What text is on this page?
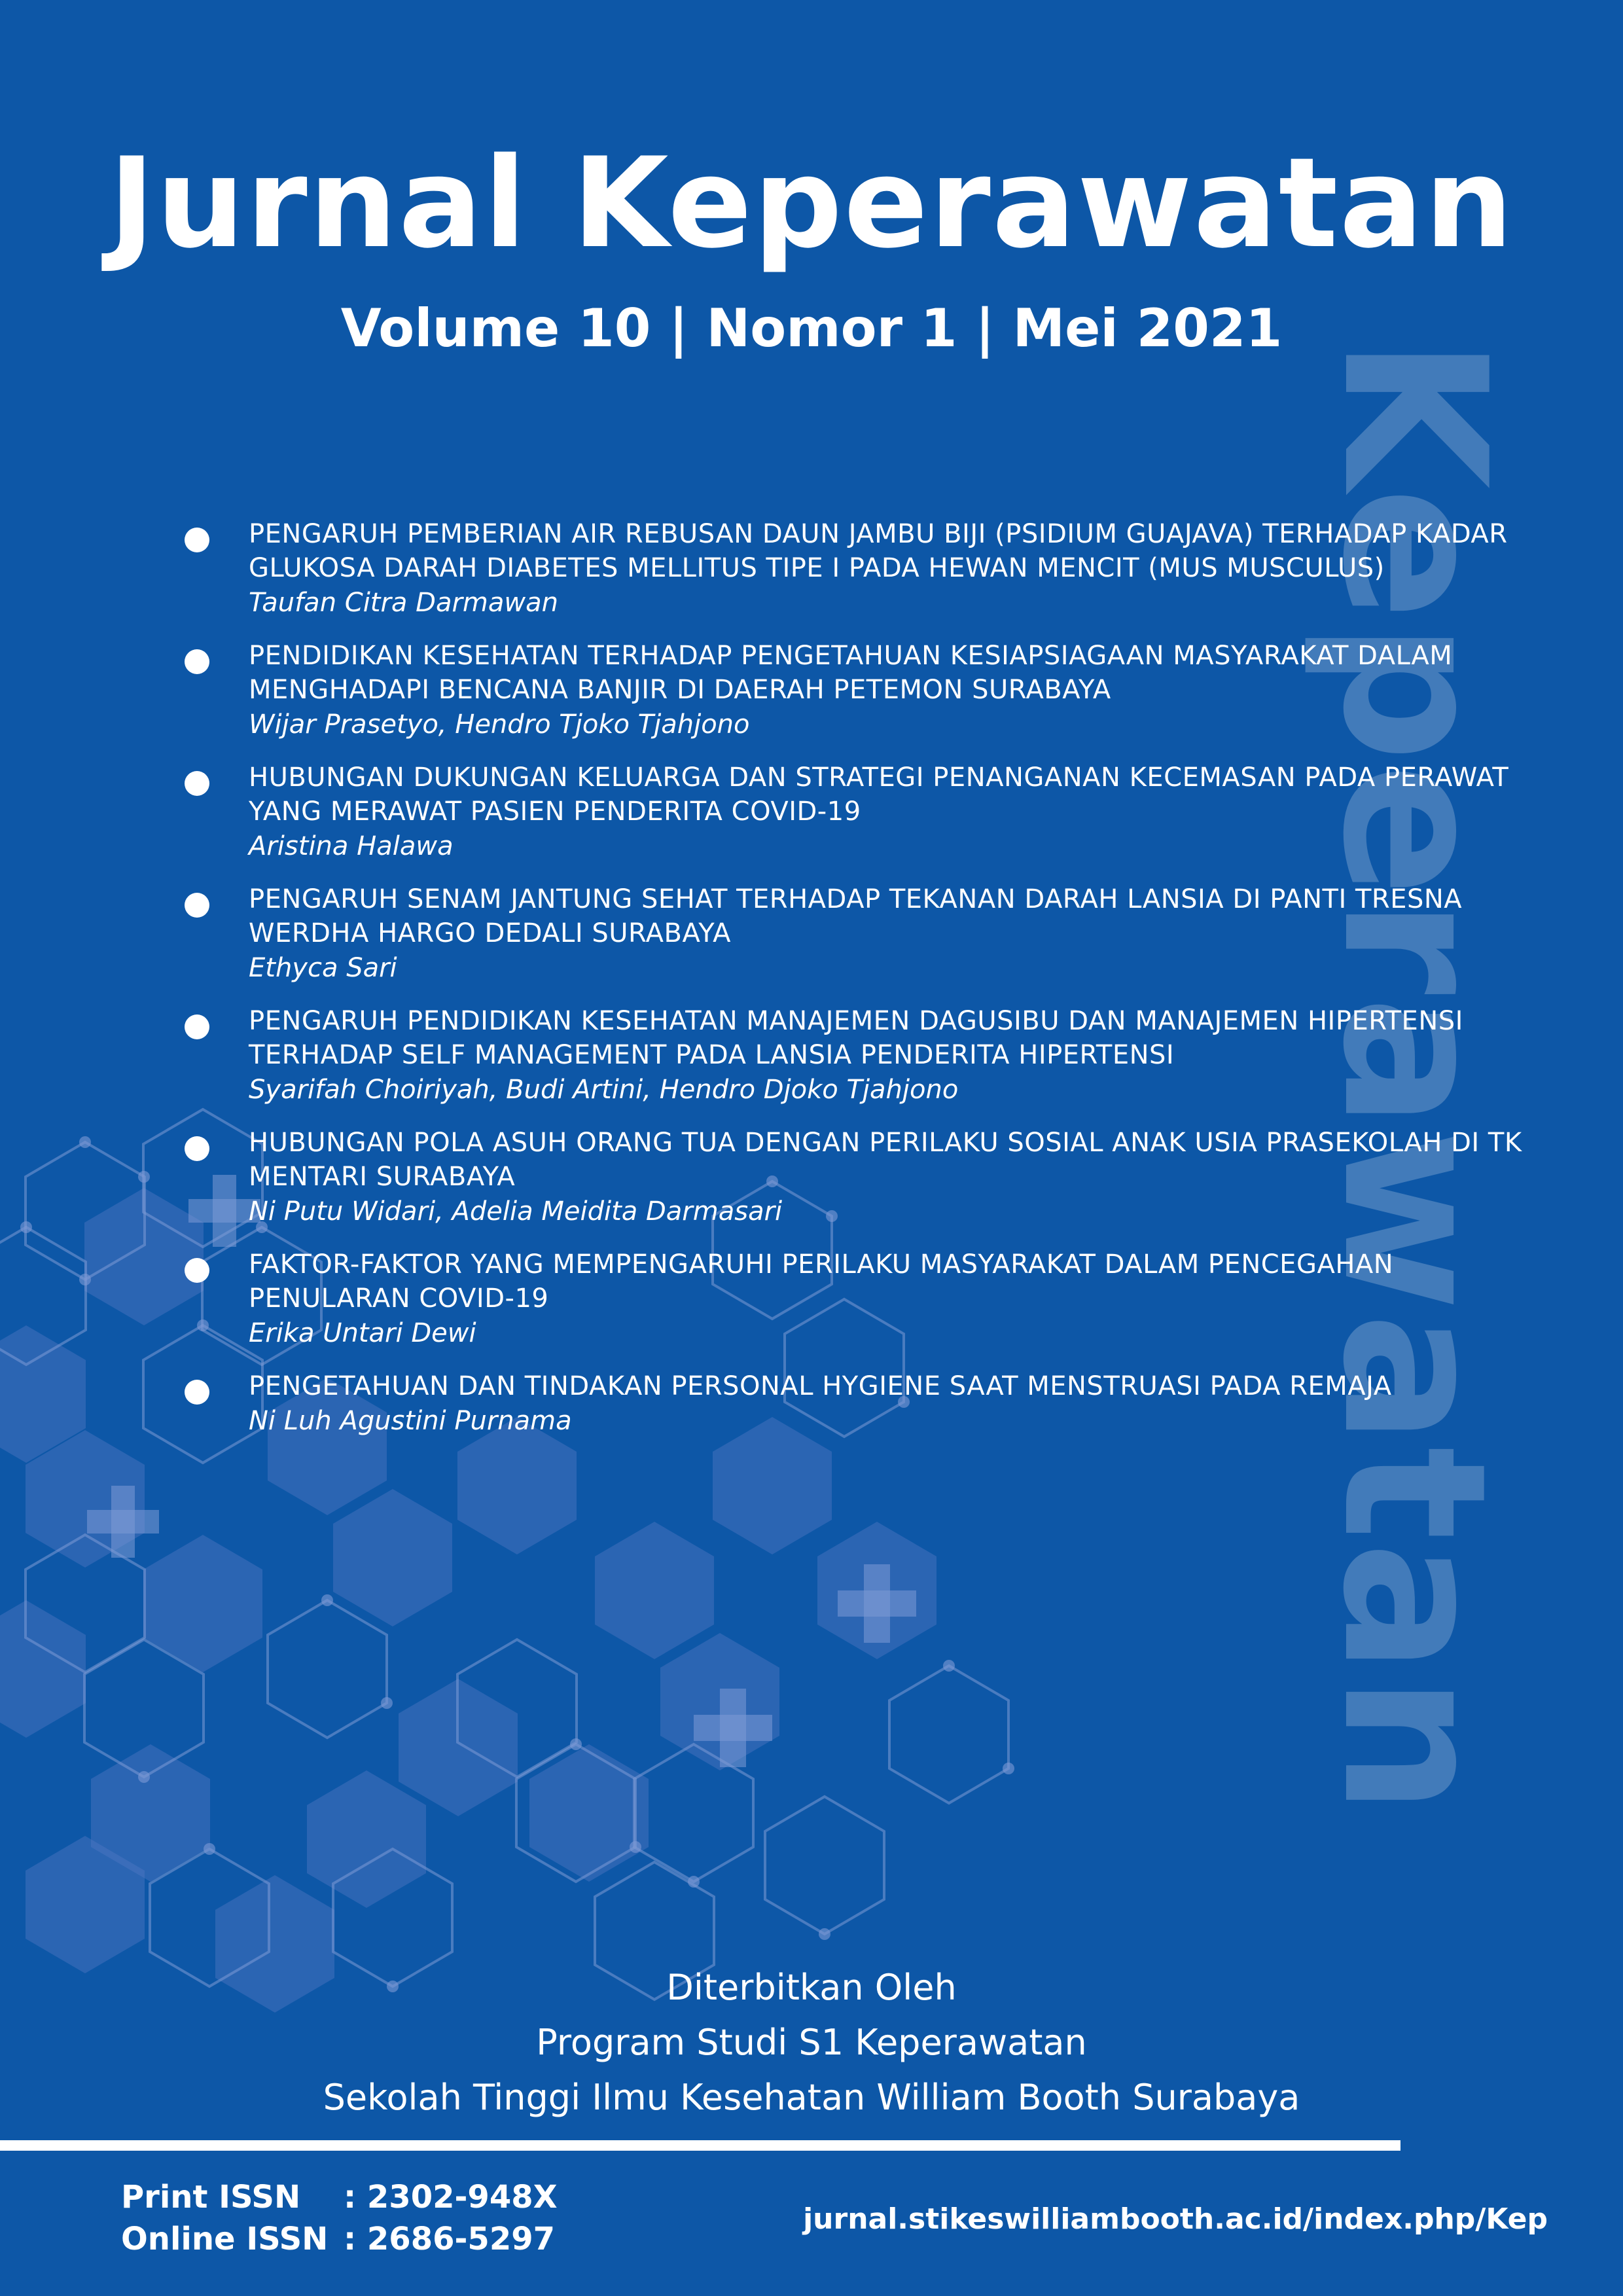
Keperawatan
Jurnal Keperawatan
Volume 10 | Nomor 1 | Mei 2021
PENGARUH PEMBERIAN AIR REBUSAN DAUN JAMBU BIJI (PSIDIUM GUAJAVA) TERHADAP KADAR GLUKOSA DARAH DIABETES MELLITUS TIPE I PADA HEWAN MENCIT (MUS MUSCULUS)
Taufan Citra Darmawan
PENDIDIKAN KESEHATAN TERHADAP PENGETAHUAN KESIAPSIAGAAN MASYARAKAT DALAM MENGHADAPI BENCANA BANJIR DI DAERAH PETEMON SURABAYA
Wijar Prasetyo, Hendro Tjoko Tjahjono
HUBUNGAN DUKUNGAN KELUARGA DAN STRATEGI PENANGANAN KECEMASAN PADA PERAWAT YANG MERAWAT PASIEN PENDERITA COVID-19
Aristina Halawa
PENGARUH SENAM JANTUNG SEHAT TERHADAP TEKANAN DARAH LANSIA DI PANTI TRESNA WERDHA HARGO DEDALI SURABAYA
Ethyca Sari
PENGARUH PENDIDIKAN KESEHATAN MANAJEMEN DAGUSIBU DAN MANAJEMEN HIPERTENSI TERHADAP SELF MANAGEMENT PADA LANSIA PENDERITA HIPERTENSI
Syarifah Choiriyah, Budi Artini, Hendro Djoko Tjahjono
HUBUNGAN POLA ASUH ORANG TUA DENGAN PERILAKU SOSIAL ANAK USIA PRASEKOLAH DI TK MENTARI SURABAYA
Ni Putu Widari, Adelia Meidita Darmasari
FAKTOR-FAKTOR YANG MEMPENGARUHI PERILAKU MASYARAKAT DALAM PENCEGAHAN PENULARAN COVID-19
Erika Untari Dewi
PENGETAHUAN DAN TINDAKAN PERSONAL HYGIENE SAAT MENSTRUASI PADA REMAJA
Ni Luh Agustini Purnama
Diterbitkan Oleh
Program Studi S1 Keperawatan
Sekolah Tinggi Ilmu Kesehatan William Booth Surabaya
Print ISSN : 2302-948X
Online ISSN : 2686-5297
jurnal.stikeswilliambooth.ac.id/index.php/Kep
